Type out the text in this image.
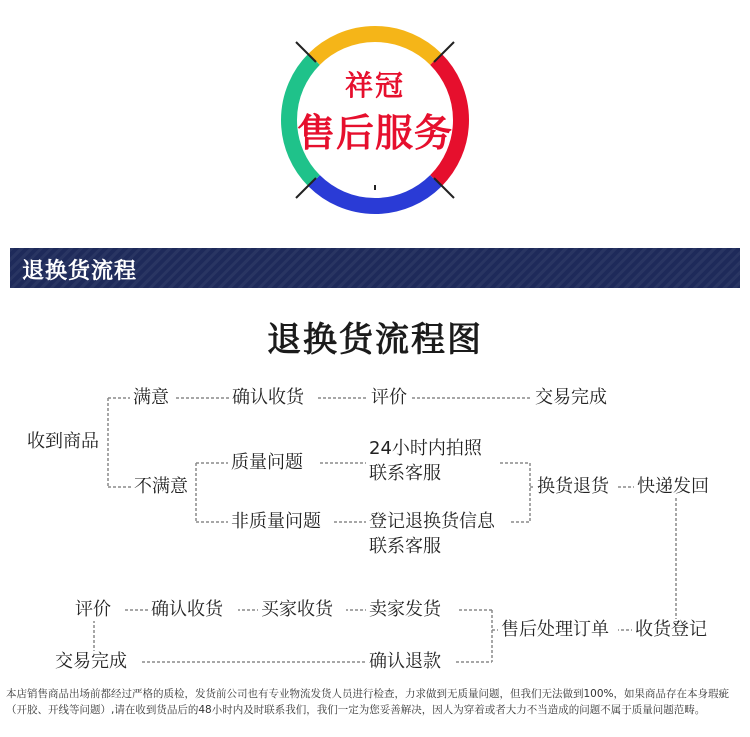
祥冠
售后服务
退换货流程
退换货流程图
收到商品
满意	确认收货	评价	交易完成
不满意
质量问题
非质量问题
24小时内拍照
联系客服
登记退换货信息
联系客服
换货退货 快递发回
收货登记
售后处理订单
卖家发货
买家收货
确认收货
评价
交易完成	确认退款
本店销售商品出场前都经过严格的质检，发货前公司也有专业物流发货人员进行检查，力求做到无质量问题，但我们无法做到100%，如果商品存在本身瑕疵（开胶、开线等问题）,请在收到货品后的48小时内及时联系我们，我们一定为您妥善解决，因人为穿着或者大力不当造成的问题不属于质量问题范畴。
